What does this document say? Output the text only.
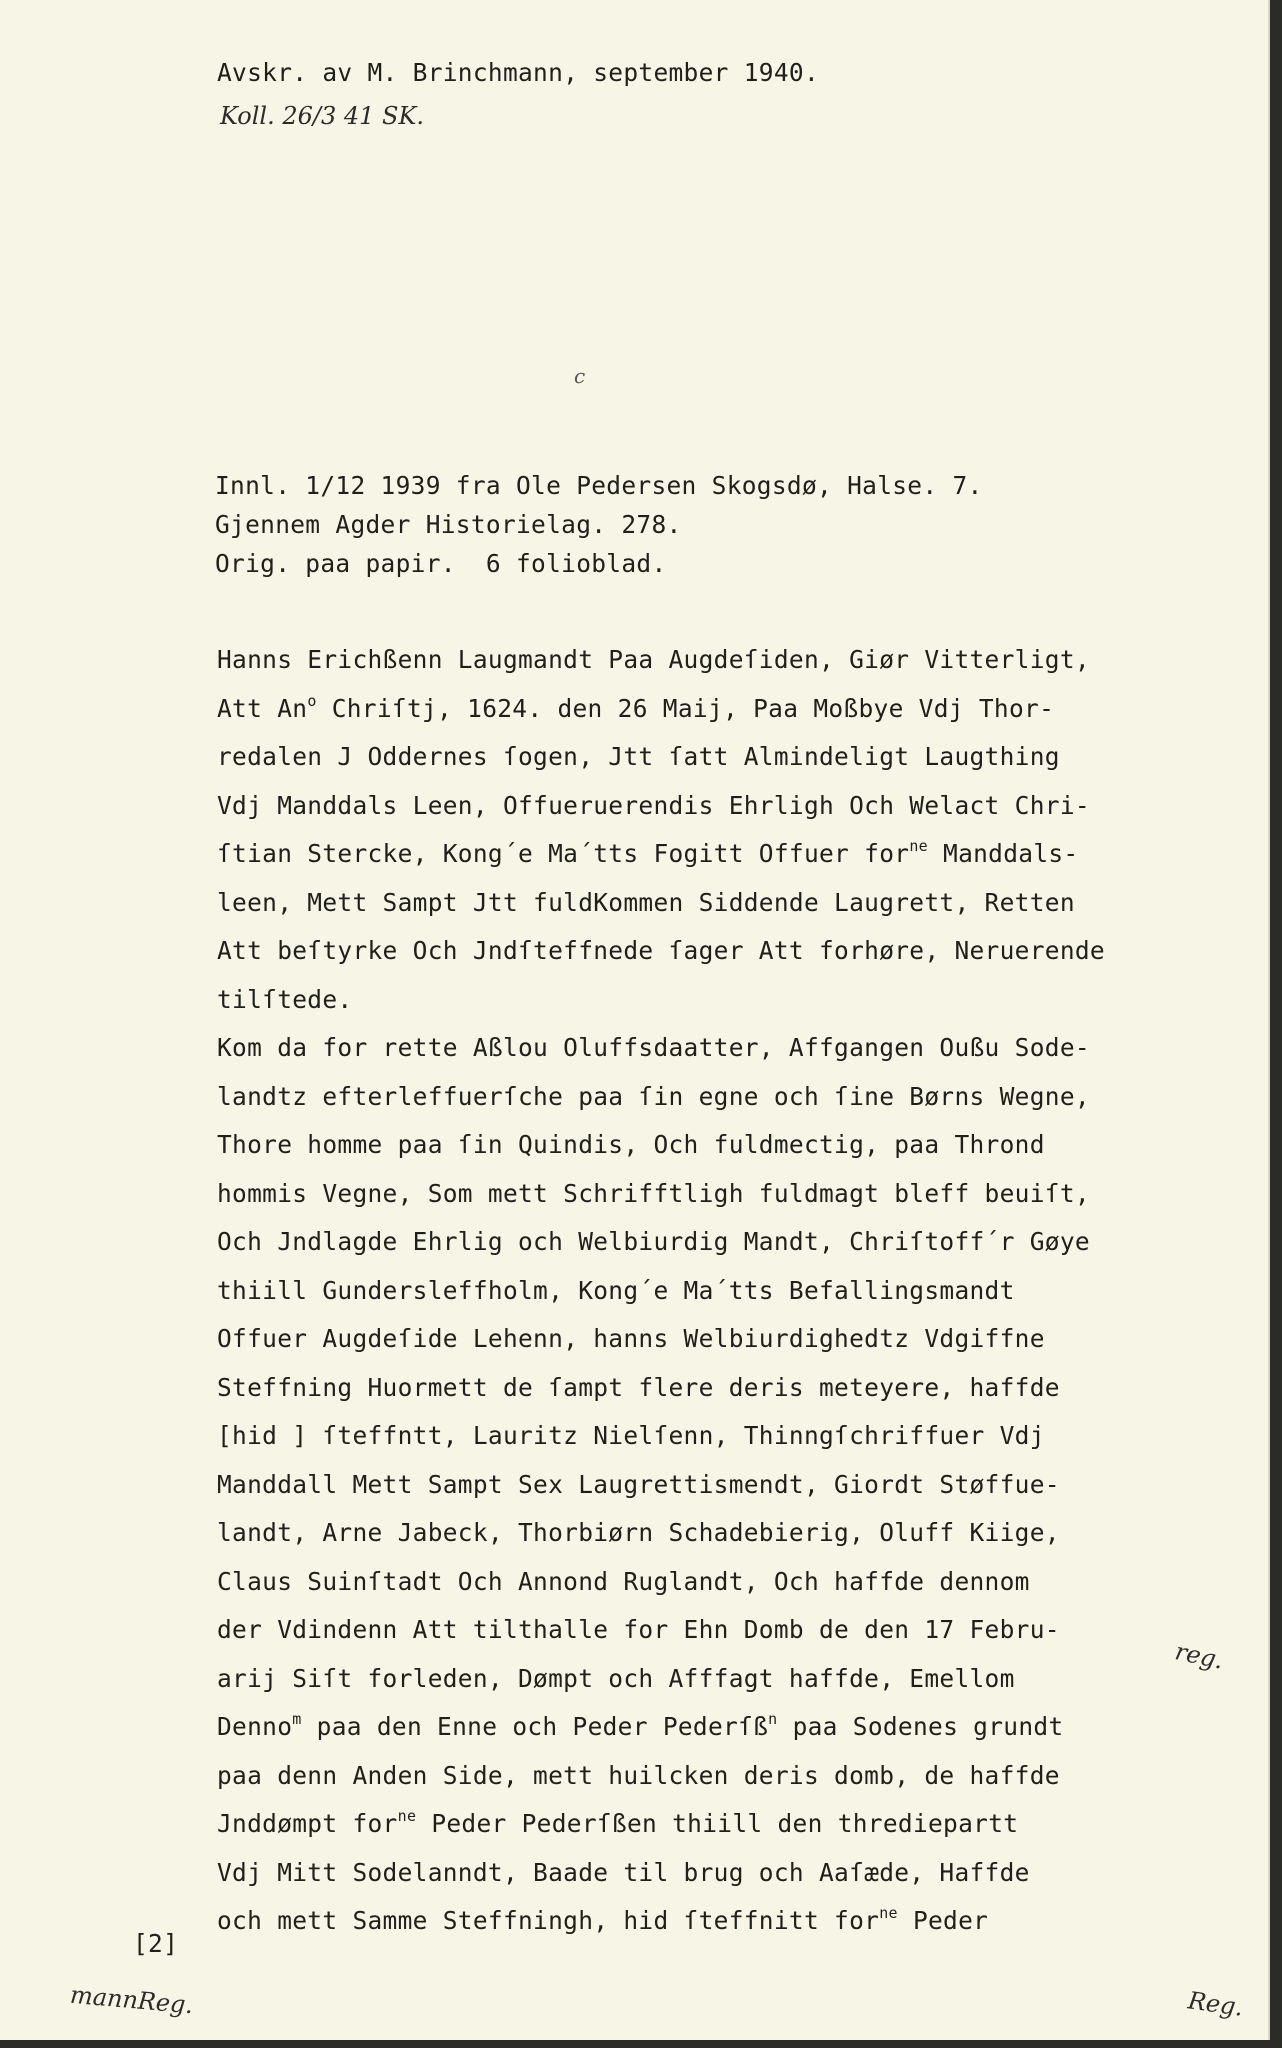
Avskr. av M. Brinchmann, september 1940.
Koll. 26/3 41 SK.
c
Innl. 1/12 1939 fra Ole Pedersen Skogsdø, Halse. 7.
Gjennem Agder Historielag. 278.
Orig. paa papir.  6 folioblad.
Hanns Erichßenn Laugmandt Paa Augdeſiden, Giør Vitterligt,
Att An$^o$ Chriſtj, 1624. den 26 Maij, Paa Moßbye Vdj Thor-
redalen J Oddernes ſogen, Jtt ſatt Almindeligt Laugthing
Vdj Manddals Leen, Offueruerendis Ehrligh Och Welact Chri-
ſtian Stercke, Kong´e Ma´tts Fogitt Offuer for$^{ne}$ Manddals-
leen, Mett Sampt Jtt fuldKommen Siddende Laugrett, Retten
Att beſtyrke Och Jndſteffnede ſager Att forhøre, Neruerende
tilſtede.
Kom da for rette Aßlou Oluffsdaatter, Affgangen Oußu Sode-
landtz efterleffuerſche paa ſin egne och ſine Børns Wegne,
Thore homme paa ſin Quindis, Och fuldmectig, paa Thrond
hommis Vegne, Som mett Schrifftligh fuldmagt bleff beuiſt,
Och Jndlagde Ehrlig och Welbiurdig Mandt, Chriſtoff´r Gøye
thiill Gundersleffholm, Kong´e Ma´tts Befallingsmandt
Offuer Augdeſide Lehenn, hanns Welbiurdighedtz Vdgiffne
Steffning Huormett de ſampt flere deris meteyere, haffde
[hid ] ſteffntt, Lauritz Nielſenn, Thinngſchriffuer Vdj
Manddall Mett Sampt Sex Laugrettismendt, Giordt Støffue-
landt, Arne Jabeck, Thorbiørn Schadebierig, Oluff Kiige,
Claus Suinſtadt Och Annond Ruglandt, Och haffde dennom
der Vdindenn Att tilthalle for Ehn Domb de den 17 Febru-
arij Siſt forleden, Dømpt och Afffagt haffde, Emellom
Denno$^m$ paa den Enne och Peder Pederſß$^n$ paa Sodenes grundt
paa denn Anden Side, mett huilcken deris domb, de haffde
Jnddømpt for$^{ne}$ Peder Pederſßen thiill den thrediepartt
Vdj Mitt Sodelanndt, Baade til brug och Aaſæde, Haffde
och mett Samme Steffningh, hid ſteffnitt for$^{ne}$ Peder
[2]
reg.
Reg.
mannReg.
